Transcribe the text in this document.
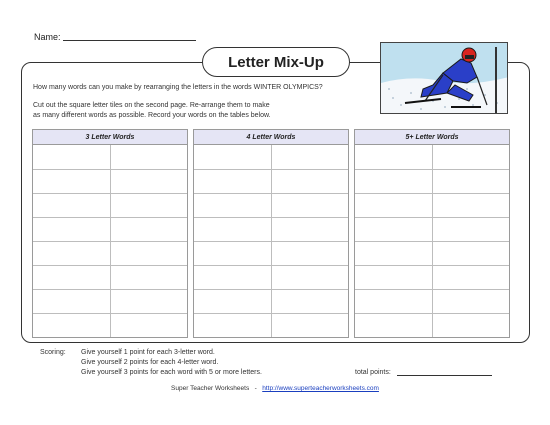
Name:
Letter Mix-Up
How many words can you make by rearranging the letters in the words WINTER OLYMPICS?
Cut out the square letter tiles on the second page. Re-arrange them to make
as many different words as possible. Record your words on the tables below.
3 Letter Words	4 Letter Words	5+ Letter Words
Scoring: Give yourself 1 point for each 3-letter word.
Give yourself 2 points for each 4-letter word.
Give yourself 3 points for each word with 5 or more letters.	total points:
Super Teacher Worksheets - http://www.superteacherworksheets.com
